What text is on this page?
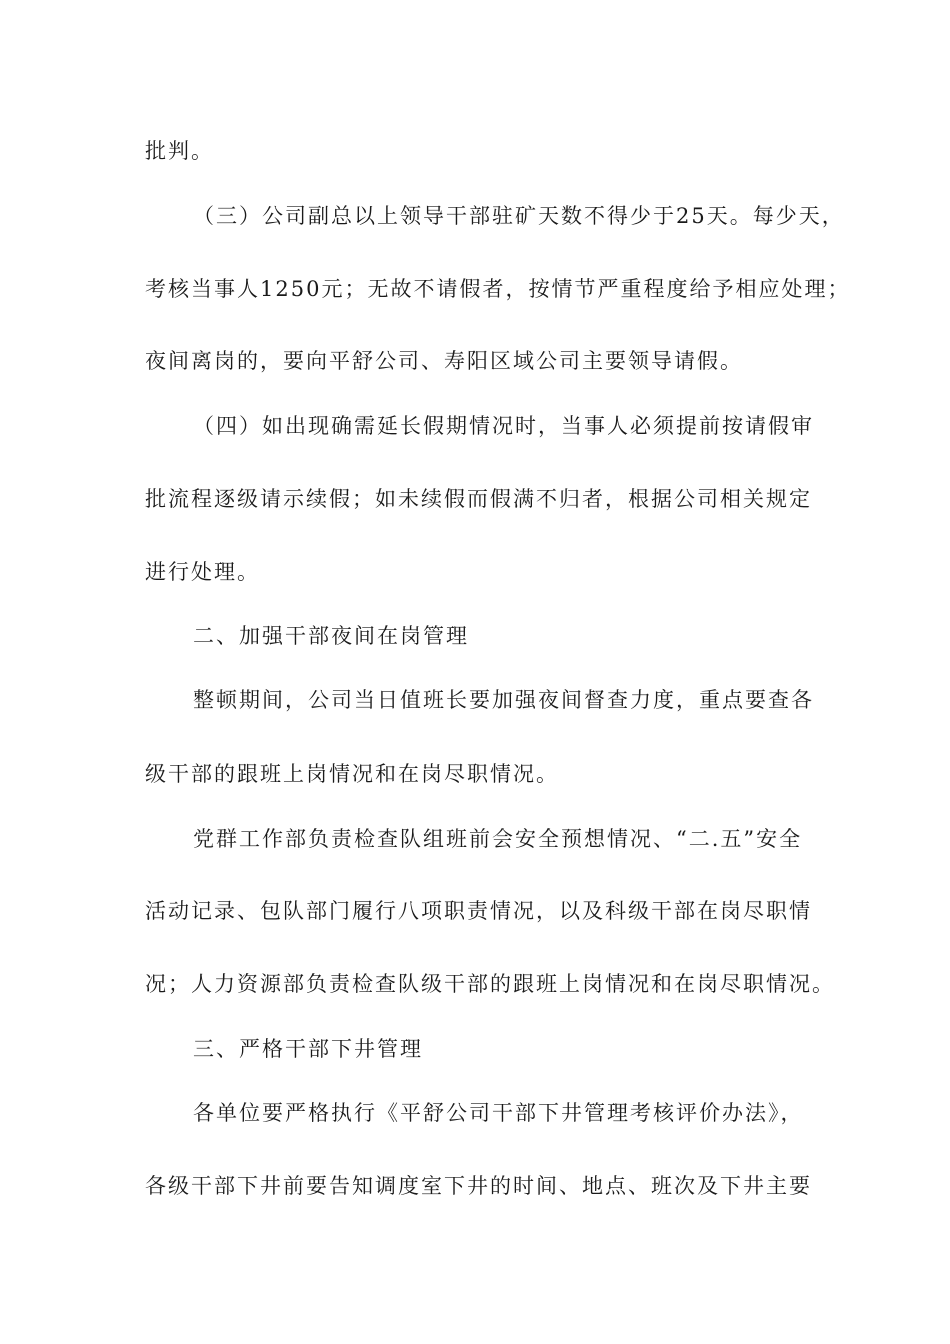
批判。
（三）公司副总以上领导干部驻矿天数不得少于25天。每少天，
考核当事人1250元；无故不请假者，按情节严重程度给予相应处理；
夜间离岗的，要向平舒公司、寿阳区域公司主要领导请假。
（四）如出现确需延长假期情况时，当事人必须提前按请假审
批流程逐级请示续假；如未续假而假满不归者，根据公司相关规定
进行处理。
二、加强干部夜间在岗管理
整顿期间，公司当日值班长要加强夜间督查力度，重点要查各
级干部的跟班上岗情况和在岗尽职情况。
党群工作部负责检查队组班前会安全预想情况、“二.五”安全
活动记录、包队部门履行八项职责情况，以及科级干部在岗尽职情
况；人力资源部负责检查队级干部的跟班上岗情况和在岗尽职情况。
三、严格干部下井管理
各单位要严格执行《平舒公司干部下井管理考核评价办法》，
各级干部下井前要告知调度室下井的时间、地点、班次及下井主要
